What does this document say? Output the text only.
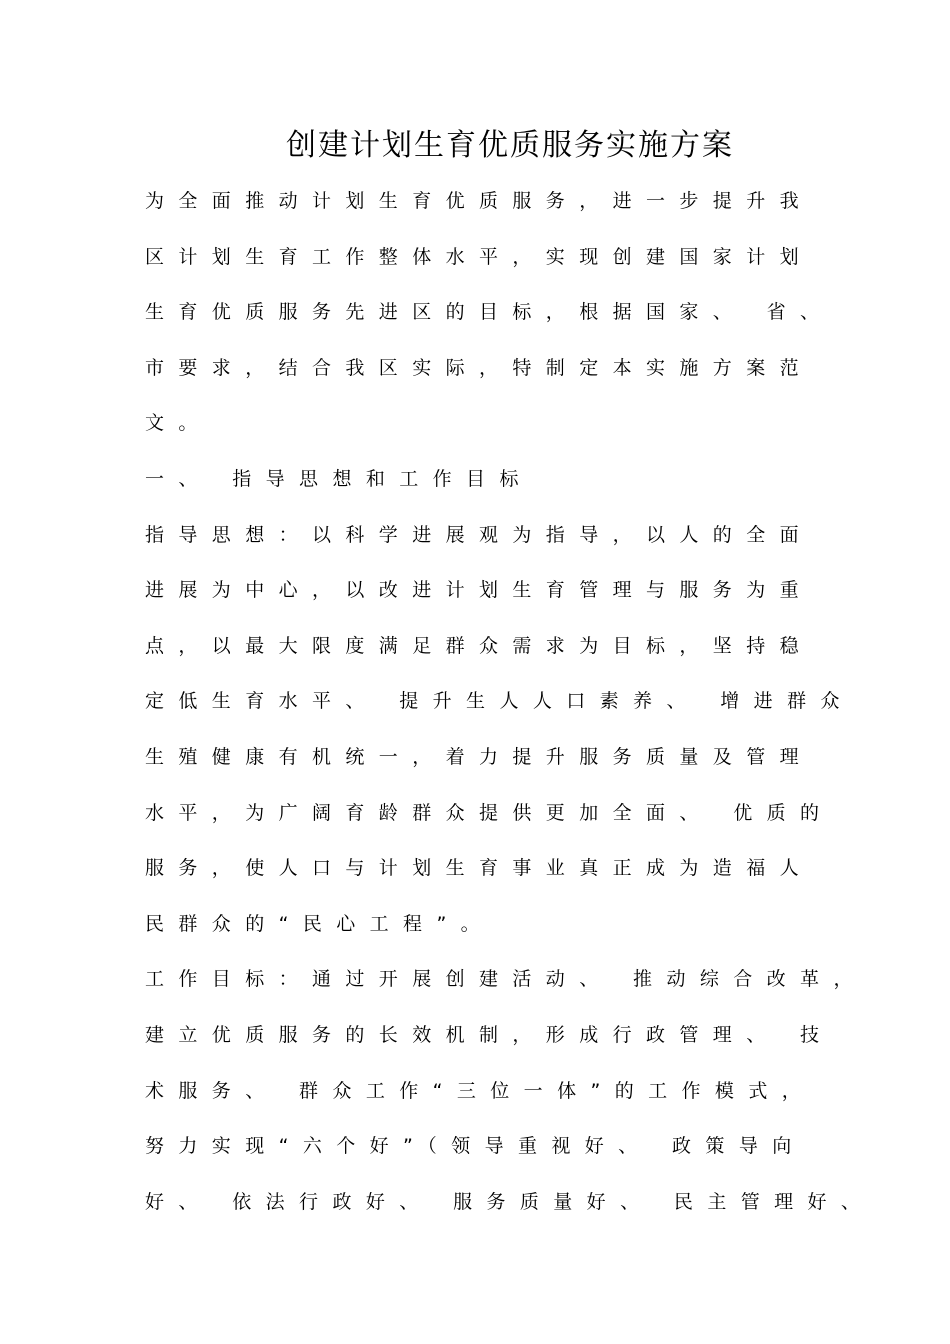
创建计划生育优质服务实施方案
为全面推动计划生育优质服务，进一步提升我
区计划生育工作整体水平，实现创建国家计划
生育优质服务先进区的目标，根据国家、 省、
市要求，结合我区实际，特制定本实施方案范
文。
一、 指导思想和工作目标
指导思想：以科学进展观为指导，以人的全面
进展为中心，以改进计划生育管理与服务为重
点，以最大限度满足群众需求为目标，坚持稳
定低生育水平、 提升生人人口素养、 增进群众
生殖健康有机统一，着力提升服务质量及管理
水平，为广阔育龄群众提供更加全面、 优质的
服务，使人口与计划生育事业真正成为造福人
民群众的“民心工程”。
工作目标：通过开展创建活动、 推动综合改革，
建立优质服务的长效机制，形成行政管理、 技
术服务、 群众工作“三位一体”的工作模式，
努力实现“六个好”（领导重视好、 政策导向
好、 依法行政好、 服务质量好、 民主管理好、
